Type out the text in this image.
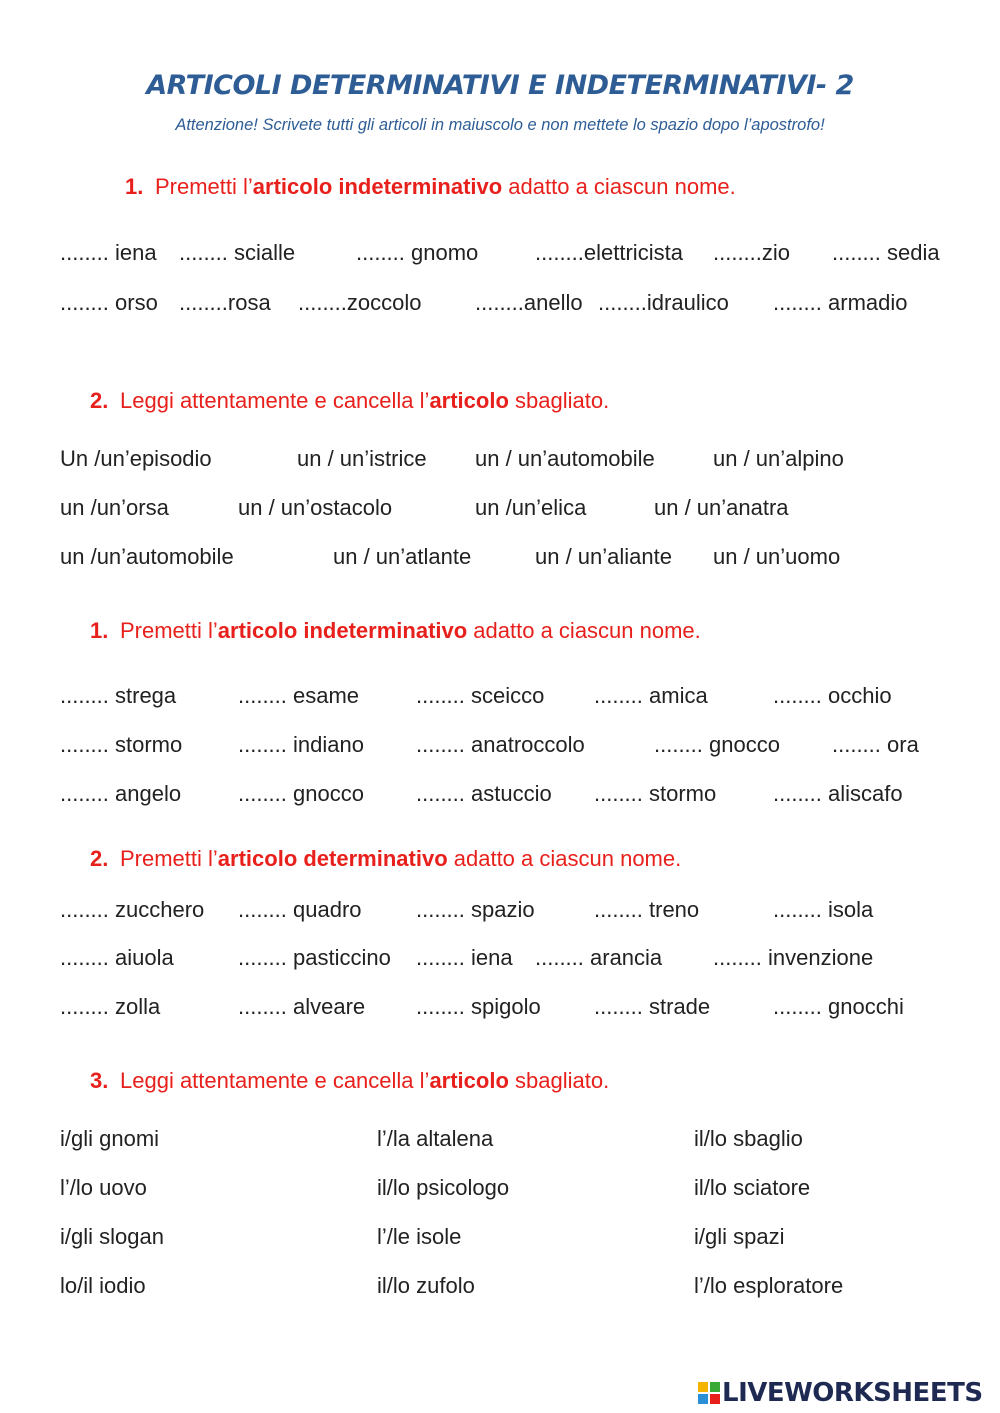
ARTICOLI DETERMINATIVI E INDETERMINATIVI- 2
Attenzione! Scrivete tutti gli articoli in maiuscolo e non mettete lo spazio dopo l’apostrofo!
1. Premetti l’articolo indeterminativo adatto a ciascun nome.
........ iena ........ scialle	........ gnomo	........elettricista ........zio ........ sedia
........ orso ........rosa ........zoccolo ........anello ........idraulico ........ armadio
2. Leggi attentamente e cancella l’articolo sbagliato.
Un /un’episodio	un / un’istrice un / un’automobile	un / un’alpino
un /un’orsa	un / un’ostacolo	un /un’elica	un / un’anatra
un /un’automobile	un / un’atlante	un / un’aliante un / un’uomo
1. Premetti l’articolo indeterminativo adatto a ciascun nome.
........ strega	........ esame	........ sceicco ........ amica	........ occhio
........ stormo	........ indiano ........ anatroccolo	........ gnocco ........ ora
........ angelo	........ gnocco ........ astuccio ........ stormo	........ aliscafo
2. Premetti l’articolo determinativo adatto a ciascun nome.
........ zucchero ........ quadro ........ spazio	........ treno	........ isola
........ aiuola	........ pasticcino ........ iena ........ arancia ........ invenzione
........ zolla	........ alveare ........ spigolo ........ strade	........ gnocchi
3. Leggi attentamente e cancella l’articolo sbagliato.
i/gli gnomi	l’/la altalena	il/lo sbaglio
l’/lo uovo	il/lo psicologo	il/lo sciatore
i/gli slogan	l’/le isole	i/gli spazi
lo/il iodio	il/lo zufolo	l’/lo esploratore
LIVEWORKSHEETS
